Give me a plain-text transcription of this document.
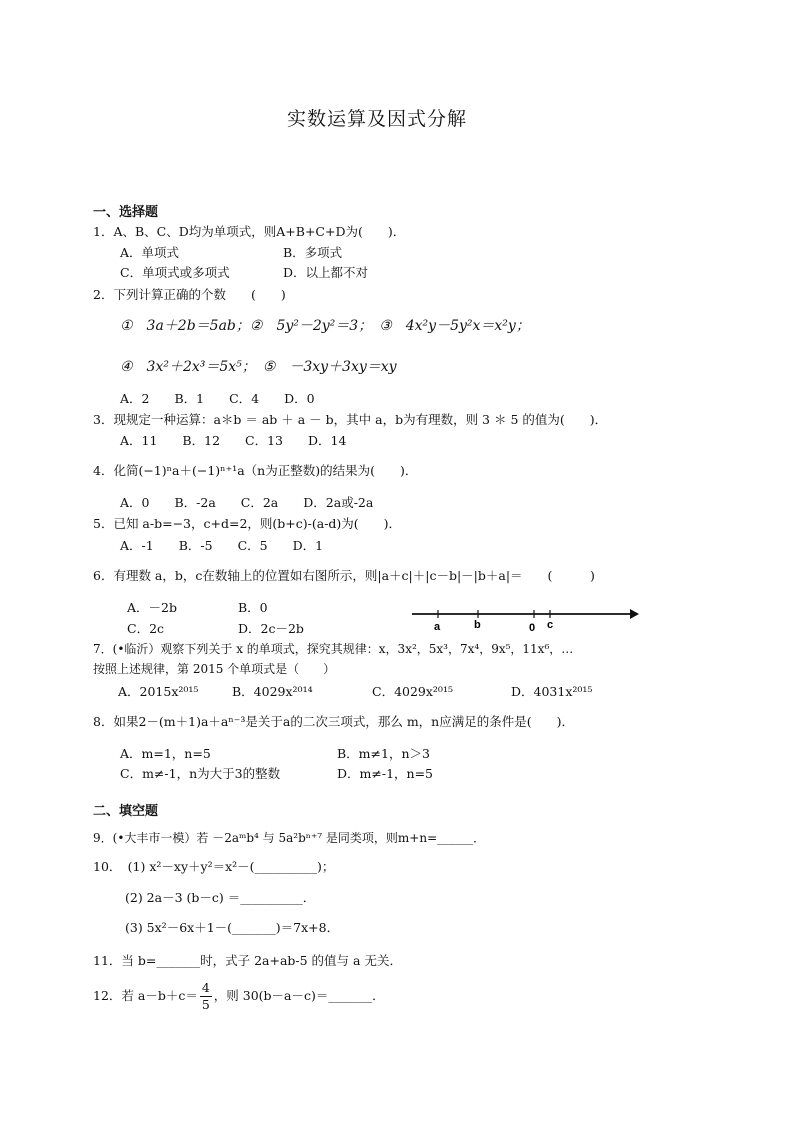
实数运算及因式分解
一、选择题
1．A、B、C、D均为单项式，则A+B+C+D为(　　)．
A．单项式	B．多项式
C．单项式或多项式	D．以上都不对
2．下列计算正确的个数　　(　　)
①　3a＋2b＝5ab；②　5y²－2y²＝3；　③　4x²y－5y²x＝x²y；
④　3x²＋2x³＝5x⁵；　⑤　－3xy＋3xy＝xy
A．2　　B．1　　C．4　　D．0
3．现规定一种运算：a＊b ＝ ab ＋ a － b，其中 a，b为有理数，则 3 ＊ 5 的值为(　　)．
A．11　　B．12　　C．13　　D．14
4．化简(−1)ⁿa＋(−1)ⁿ⁺¹a（n为正整数)的结果为(　　)．
A．0　　B．-2a　　C．2a　　D．2a或-2a
5．已知 a-b=−3，c+d=2，则(b+c)-(a-d)为(　　)．
A．-1　　B．-5　　C．5　　D．1
6．有理数 a，b，c在数轴上的位置如右图所示，则|a＋c|＋|c－b|－|b＋a|＝　　(　　　)
A．－2b	B．0
C．2c	D．2c－2b	a	b	0 c
7．(•临沂）观察下列关于 x 的单项式，探究其规律：x，3x²，5x³，7x⁴，9x⁵，11x⁶，…
按照上述规律，第 2015 个单项式是（　　）
A．2015x²⁰¹⁵	B．4029x²⁰¹⁴	C．4029x²⁰¹⁵	D．4031x²⁰¹⁵
8．如果2－(m＋1)a＋aⁿ⁻³是关于a的二次三项式，那么 m，n应满足的条件是(　　)．
A．m=1，n=5	B．m≠1，n＞3
C．m≠-1，n为大于3的整数	D．m≠-1，n=5
二、填空题
9．(•大丰市一模）若 －2aᵐb⁴ 与 5a²bⁿ⁺⁷ 是同类项，则m+n=______．
10．　(1) x²－xy＋y²＝x²－(__________)；
(2) 2a－3 (b－c) ＝__________．
(3) 5x²－6x＋1－(_______)＝7x+8．
11．当 b=_______时，式子 2a+ab-5 的值与 a 无关．
12．若 $a-b+c= \frac{4}{5}$ ，则 30(b－a－c)＝_______．
